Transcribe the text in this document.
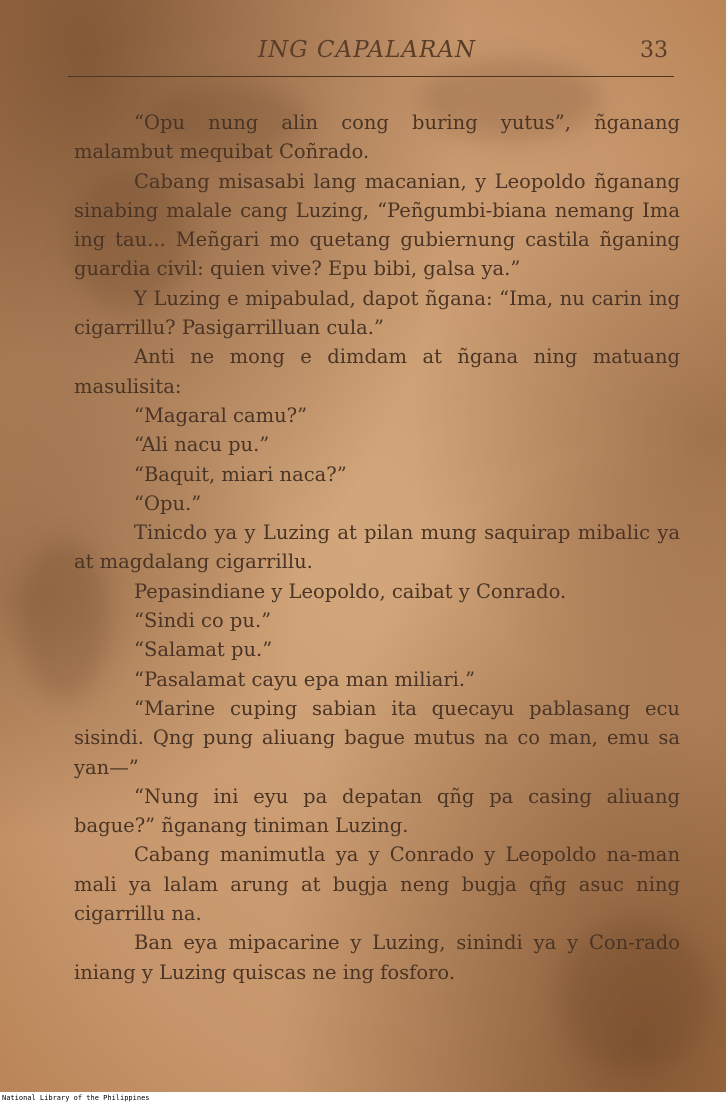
ING CAPALARAN	33

“Opu nung alin cong buring yutus”, ñganang malambut mequibat Coñrado.

Cabang misasabi lang macanian, y Leopoldo ñganang sinabing malale cang Luzing, “Peñgumbi-biana nemang Ima ing tau... Meñgari mo quetang gubiernung castila ñganing guardia civil: quien vive? Epu bibi, galsa ya.”

Y Luzing e mipabulad, dapot ñgana: “Ima, nu carin ing cigarrillu? Pasigarrilluan cula.”

Anti ne mong e dimdam at ñgana ning matuang masulisita:

“Magaral camu?”

“Ali nacu pu.”

“Baquit, miari naca?”

“Opu.”

Tinicdo ya y Luzing at pilan mung saquirap mibalic ya at magdalang cigarrillu.

Pepasindiane y Leopoldo, caibat y Conrado.

“Sindi co pu.”

“Salamat pu.”

“Pasalamat cayu epa man miliari.”

“Marine cuping sabian ita quecayu pablasang ecu sisindi. Qng pung aliuang bague mutus na co man, emu sa yan—”

“Nung ini eyu pa depatan qñg pa casing aliuang bague?” ñganang tiniman Luzing.

Cabang manimutla ya y Conrado y Leopoldo na-man mali ya lalam arung at bugja neng bugja qñg asuc ning cigarrillu na.

Ban eya mipacarine y Luzing, sinindi ya y Con-rado iniang y Luzing quiscas ne ing fosforo.

National Library of the Philippines
